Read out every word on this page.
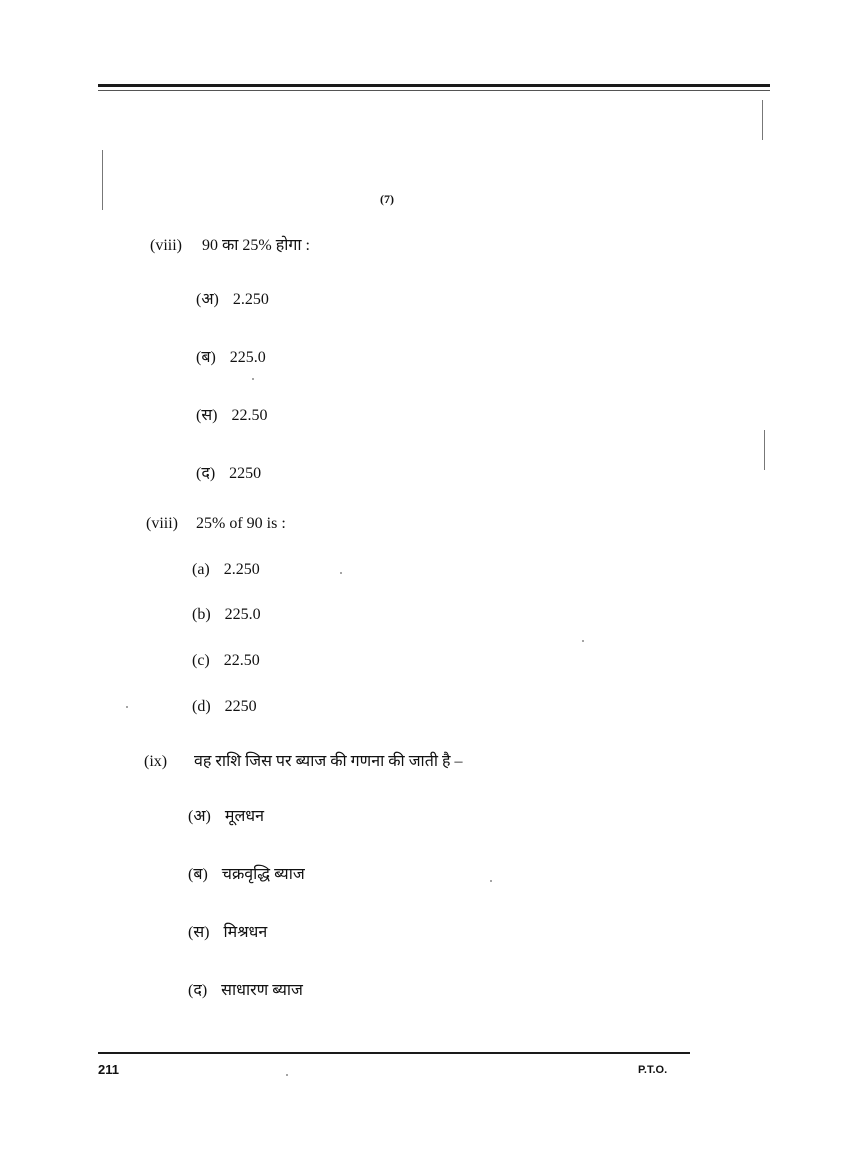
(7)
(viii) 90 का 25% होगा :
(अ) 2.250
(ब) 225.0
(स) 22.50
(द) 2250
(viii) 25% of 90 is :
(a) 2.250
(b) 225.0
(c) 22.50
(d) 2250
(ix) वह राशि जिस पर ब्याज की गणना की जाती है –
(अ) मूलधन
(ब) चक्रवृद्धि ब्याज
(स) मिश्रधन
(द) साधारण ब्याज
211	P.T.O.
